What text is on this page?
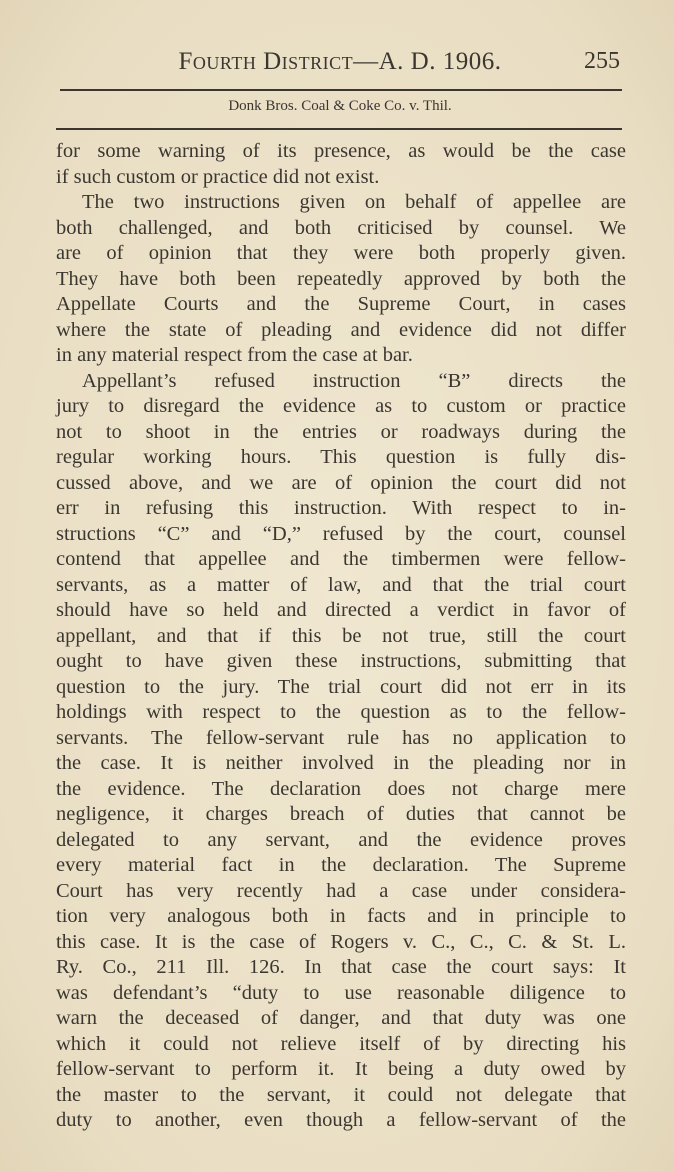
Fourth District—A. D. 1906.	255
Donk Bros. Coal & Coke Co. v. Thil.
for some warning of its presence, as would be the case
if such custom or practice did not exist.
The two instructions given on behalf of appellee are
both challenged, and both criticised by counsel. We
are of opinion that they were both properly given.
They have both been repeatedly approved by both the
Appellate Courts and the Supreme Court, in cases
where the state of pleading and evidence did not differ
in any material respect from the case at bar.
Appellant’s refused instruction “B” directs the
jury to disregard the evidence as to custom or practice
not to shoot in the entries or roadways during the
regular working hours. This question is fully dis-
cussed above, and we are of opinion the court did not
err in refusing this instruction. With respect to in-
structions “C” and “D,” refused by the court, counsel
contend that appellee and the timbermen were fellow-
servants, as a matter of law, and that the trial court
should have so held and directed a verdict in favor of
appellant, and that if this be not true, still the court
ought to have given these instructions, submitting that
question to the jury. The trial court did not err in its
holdings with respect to the question as to the fellow-
servants. The fellow-servant rule has no application to
the case. It is neither involved in the pleading nor in
the evidence. The declaration does not charge mere
negligence, it charges breach of duties that cannot be
delegated to any servant, and the evidence proves
every material fact in the declaration. The Supreme
Court has very recently had a case under considera-
tion very analogous both in facts and in principle to
this case. It is the case of Rogers v. C., C., C. & St. L.
Ry. Co., 211 Ill. 126. In that case the court says: It
was defendant’s “duty to use reasonable diligence to
warn the deceased of danger, and that duty was one
which it could not relieve itself of by directing his
fellow-servant to perform it. It being a duty owed by
the master to the servant, it could not delegate that
duty to another, even though a fellow-servant of the
